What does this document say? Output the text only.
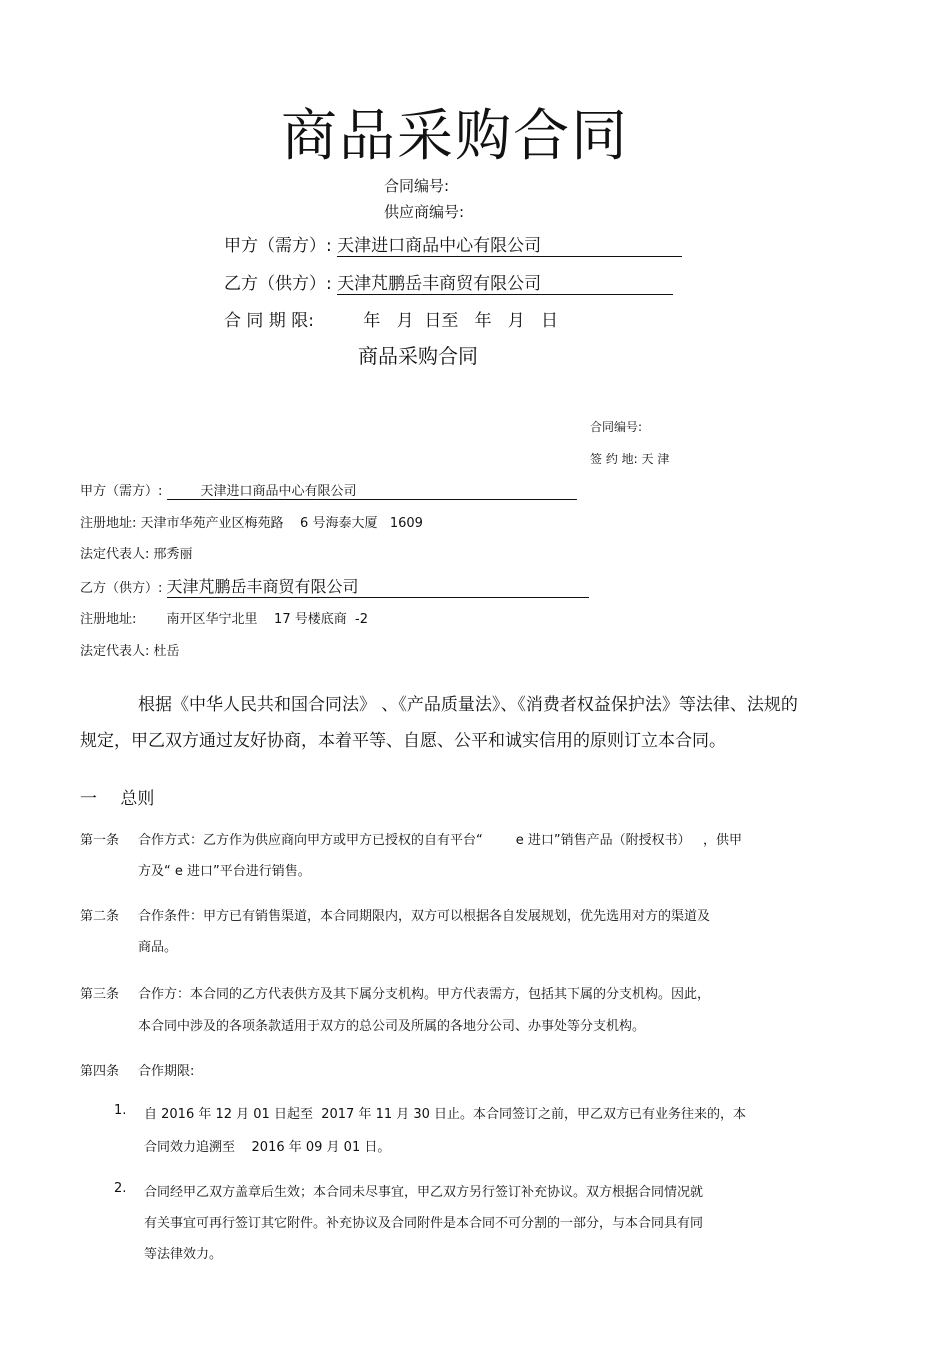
商品采购合同
合同编号:
供应商编号:
甲方（需方）: 天津进口商品中心有限公司
乙方（供方）: 天津芃鹏岳丰商贸有限公司
合 同 期 限:	年   月  日至   年   月   日
商品采购合同
合同编号:
签 约 地: 天 津
甲方（需方）:	天津进口商品中心有限公司
注册地址: 天津市华苑产业区梅苑路    6 号海泰大厦   1609
法定代表人: 邢秀丽
乙方（供方）: 天津芃鹏岳丰商贸有限公司
注册地址: 南开区华宁北里    17 号楼底商  -2
法定代表人: 杜岳
根据《中华人民共和国合同法》 、《产品质量法》、《消费者权益保护法》等法律、法规的
规定，甲乙双方通过友好协商，本着平等、自愿、公平和诚实信用的原则订立本合同。
一 总则
第一条 合作方式：乙方作为供应商向甲方或甲方已授权的自有平台“        e 进口”销售产品（附授权书）   ，供甲
方及“ e 进口”平台进行销售。
第二条 合作条件：甲方已有销售渠道，本合同期限内，双方可以根据各自发展规划，优先选用对方的渠道及
商品。
第三条 合作方：本合同的乙方代表供方及其下属分支机构。甲方代表需方，包括其下属的分支机构。因此，
本合同中涉及的各项条款适用于双方的总公司及所属的各地分公司、办事处等分支机构。
第四条 合作期限:
1. 自 2016 年 12 月 01 日起至  2017 年 11 月 30 日止。本合同签订之前，甲乙双方已有业务往来的，本
合同效力追溯至    2016 年 09 月 01 日。
2. 合同经甲乙双方盖章后生效；本合同未尽事宜，甲乙双方另行签订补充协议。双方根据合同情况就
有关事宜可再行签订其它附件。补充协议及合同附件是本合同不可分割的一部分，与本合同具有同
等法律效力。
